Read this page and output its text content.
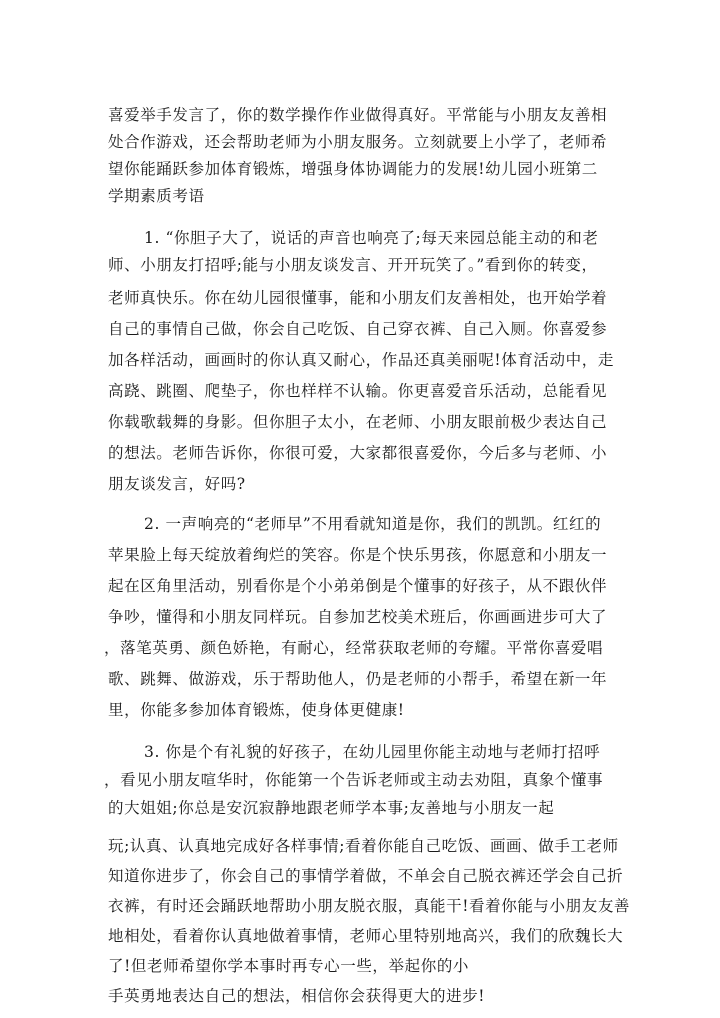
喜爱举手发言了，你的数学操作作业做得真好。平常能与小朋友友善相
处合作游戏，还会帮助老师为小朋友服务。立刻就要上小学了，老师希
望你能踊跃参加体育锻炼，增强身体协调能力的发展!幼儿园小班第二
学期素质考语
1. “你胆子大了，说话的声音也响亮了;每天来园总能主动的和老
师、小朋友打招呼;能与小朋友谈发言、开开玩笑了。”看到你的转变，
老师真快乐。你在幼儿园很懂事，能和小朋友们友善相处，也开始学着
自己的事情自己做，你会自己吃饭、自己穿衣裤、自己入厕。你喜爱参
加各样活动，画画时的你认真又耐心，作品还真美丽呢!体育活动中，走
高跷、跳圈、爬垫子，你也样样不认输。你更喜爱音乐活动，总能看见
你载歌载舞的身影。但你胆子太小，在老师、小朋友眼前极少表达自己
的想法。老师告诉你，你很可爱，大家都很喜爱你，今后多与老师、小
朋友谈发言，好吗?
2. 一声响亮的“老师早”不用看就知道是你，我们的凯凯。红红的
苹果脸上每天绽放着绚烂的笑容。你是个快乐男孩，你愿意和小朋友一
起在区角里活动，别看你是个小弟弟倒是个懂事的好孩子，从不跟伙伴
争吵，懂得和小朋友同样玩。自参加艺校美术班后，你画画进步可大了
，落笔英勇、颜色娇艳，有耐心，经常获取老师的夸耀。平常你喜爱唱
歌、跳舞、做游戏，乐于帮助他人，仍是老师的小帮手，希望在新一年
里，你能多参加体育锻炼，使身体更健康!
3. 你是个有礼貌的好孩子，在幼儿园里你能主动地与老师打招呼
，看见小朋友喧华时，你能第一个告诉老师或主动去劝阻，真象个懂事
的大姐姐;你总是安沉寂静地跟老师学本事;友善地与小朋友一起
玩;认真、认真地完成好各样事情;看着你能自己吃饭、画画、做手工老师
知道你进步了，你会自己的事情学着做，不单会自己脱衣裤还学会自己折
衣裤，有时还会踊跃地帮助小朋友脱衣服，真能干!看着你能与小朋友友善
地相处，看着你认真地做着事情，老师心里特别地高兴，我们的欣魏长大
了!但老师希望你学本事时再专心一些，举起你的小
手英勇地表达自己的想法，相信你会获得更大的进步!
